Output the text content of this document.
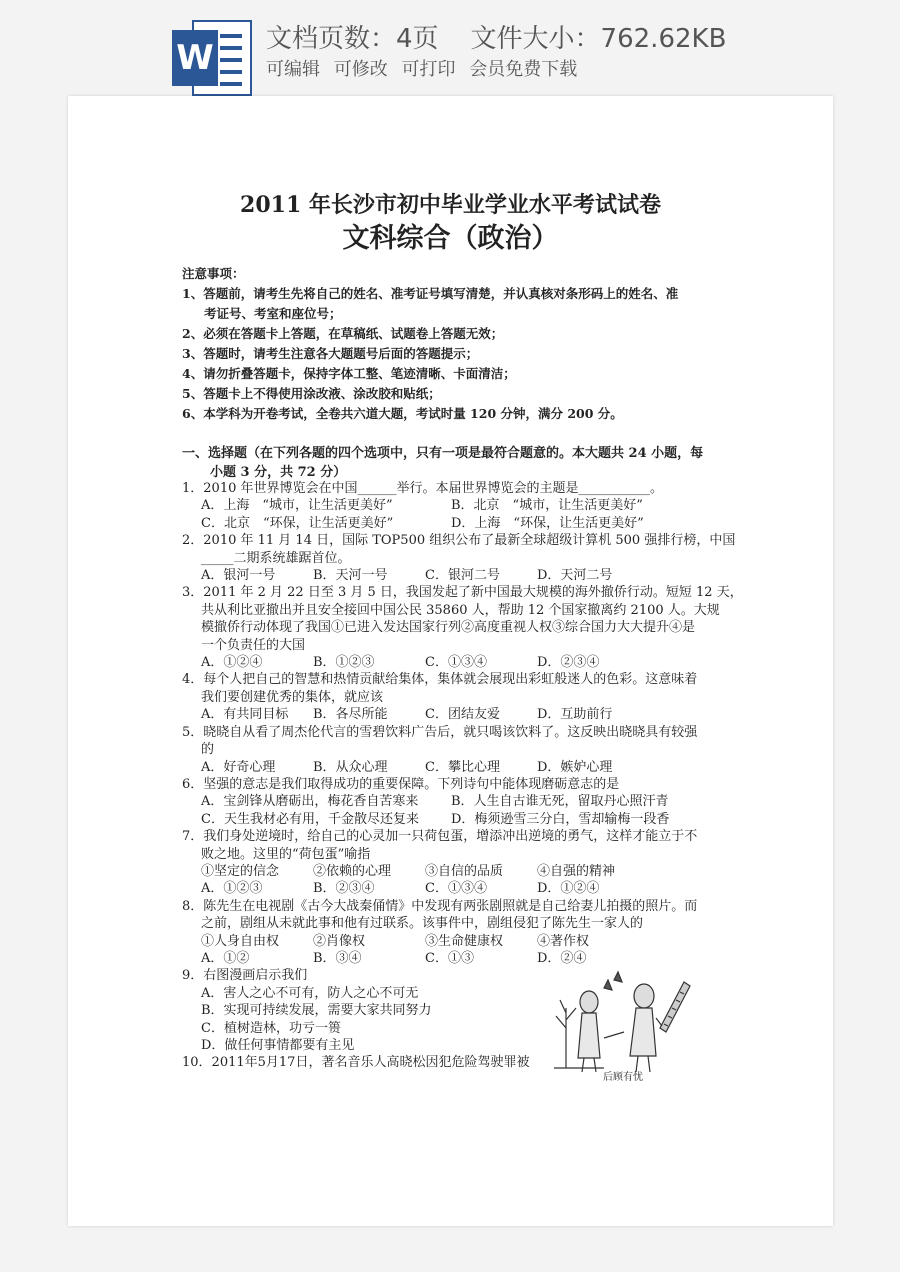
W 文档页数：4页 文件大小：762.62KB
可编辑 可修改 可打印 会员免费下载
2011 年长沙市初中毕业学业水平考试试卷
文科综合（政治）
注意事项：
1、答题前，请考生先将自己的姓名、准考证号填写清楚，并认真核对条形码上的姓名、准
考证号、考室和座位号；
2、必须在答题卡上答题，在草稿纸、试题卷上答题无效；
3、答题时，请考生注意各大题题号后面的答题提示；
4、请勿折叠答题卡，保持字体工整、笔迹清晰、卡面清洁；
5、答题卡上不得使用涂改液、涂改胶和贴纸；
6、本学科为开卷考试，全卷共六道大题，考试时量 120 分钟，满分 200 分。
一、选择题（在下列各题的四个选项中，只有一项是最符合题意的。本大题共 24 小题，每
小题 3 分，共 72 分）
1．2010 年世界博览会在中国______举行。本届世界博览会的主题是___________。
A．上海　“城市，让生活更美好”	B．北京　“城市，让生活更美好”
C．北京　“环保，让生活更美好”	D．上海　“环保，让生活更美好”
2．2010 年 11 月 14 日，国际 TOP500 组织公布了最新全球超级计算机 500 强排行榜，中国
_____二期系统雄踞首位。
A．银河一号	B．天河一号	C．银河二号	D．天河二号
3．2011 年 2 月 22 日至 3 月 5 日，我国发起了新中国最大规模的海外撤侨行动。短短 12 天，
共从利比亚撤出并且安全接回中国公民 35860 人，帮助 12 个国家撤离约 2100 人。大规
模撤侨行动体现了我国①已进入发达国家行列②高度重视人权③综合国力大大提升④是
一个负责任的大国
A．①②④	B．①②③	C．①③④	D．②③④
4．每个人把自己的智慧和热情贡献给集体，集体就会展现出彩虹般迷人的色彩。这意味着
我们要创建优秀的集体，就应该
A．有共同目标 B．各尽所能	C．团结友爱	D．互助前行
5．晓晓自从看了周杰伦代言的雪碧饮料广告后，就只喝该饮料了。这反映出晓晓具有较强
的
A．好奇心理	B．从众心理	C．攀比心理	D．嫉妒心理
6．坚强的意志是我们取得成功的重要保障。下列诗句中能体现磨砺意志的是
A．宝剑锋从磨砺出，梅花香自苦寒来	B．人生自古谁无死，留取丹心照汗青
C．天生我材必有用，千金散尽还复来 D．梅须逊雪三分白，雪却输梅一段香
7．我们身处逆境时，给自己的心灵加一只荷包蛋，增添冲出逆境的勇气，这样才能立于不
败之地。这里的“荷包蛋”喻指
①坚定的信念	②依赖的心理	③自信的品质	④自强的精神
A．①②③	B．②③④	C．①③④	D．①②④
8．陈先生在电视剧《古今大战秦俑情》中发现有两张剧照就是自己给妻儿拍摄的照片。而
之前，剧组从未就此事和他有过联系。该事件中，剧组侵犯了陈先生一家人的
①人身自由权	②肖像权	③生命健康权	④著作权
A．①②	B．③④	C．①③	D．②④
9．右图漫画启示我们
A．害人之心不可有，防人之心不可无
B．实现可持续发展，需要大家共同努力
C．植树造林，功亏一篑
D．做任何事情都要有主见
10．2011年5月17日，著名音乐人高晓松因犯危险驾驶罪被
后顾有忧
